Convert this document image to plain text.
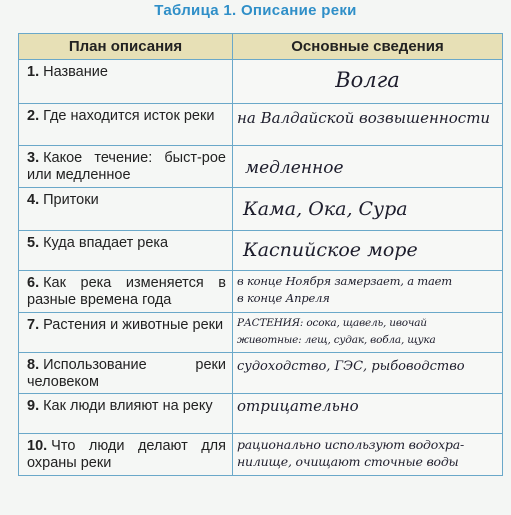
Таблица 1. Описание реки
План описания	Основные сведения
1. Название	Волга

2. Где находится исток реки	на Валдайской возвышенности

3. Какое течение: быст-рое или медленное	медленное

4. Притоки	Кама, Ока, Сура

5. Куда впадает река	Каспийское море

6. Как река изменяется в разные времена года	в конце Ноября замерзает, а тает
в конце Апреля

7. Растения и животные реки	РАСТЕНИЯ: осока, щавель, ивочай
животные: лещ, судак, вобла, щука

8. Использование реки человеком	судоходство, ГЭС, рыбоводство

9. Как люди влияют на реку	отрицательно

10. Что люди делают для охраны реки	рационально используют водохра-
нилище, очищают сточные воды
